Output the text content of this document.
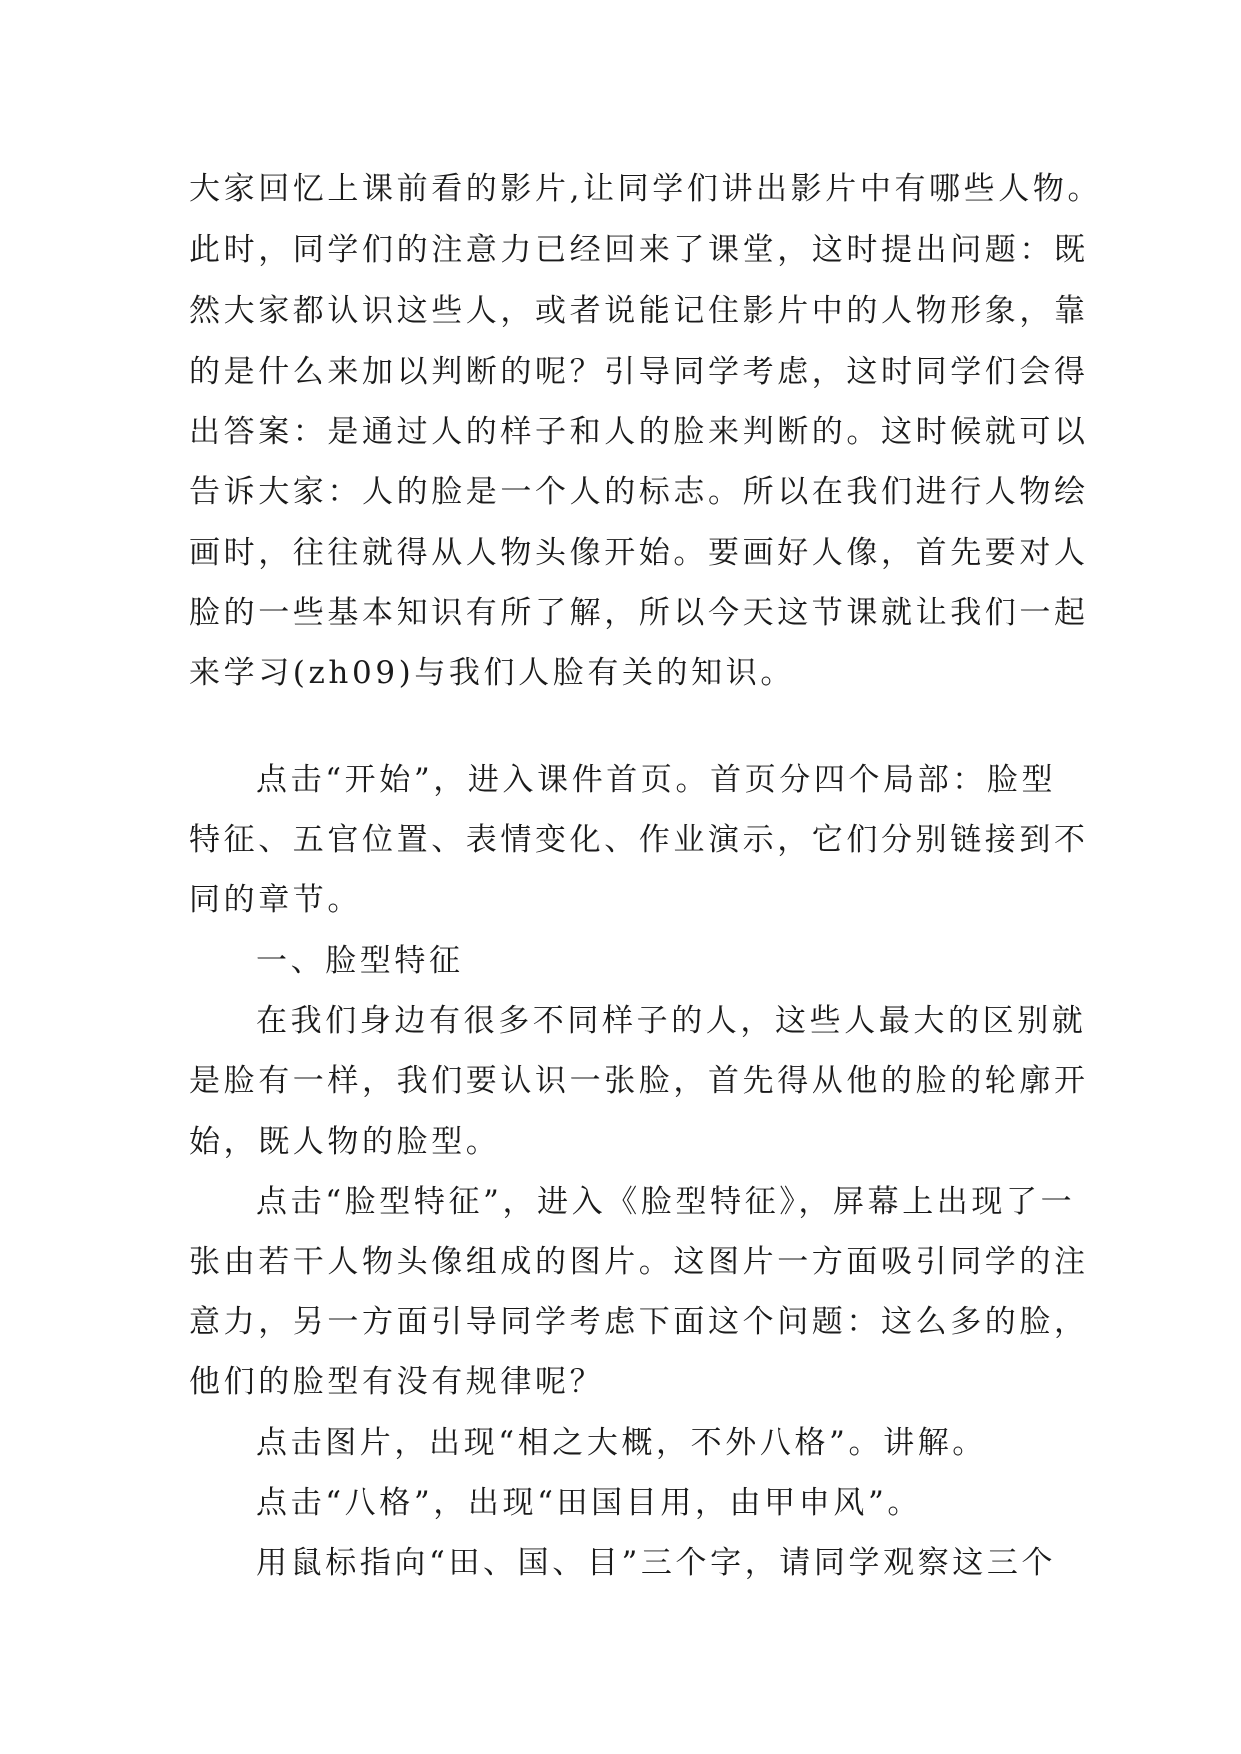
大家回忆上课前看的影片,让同学们讲出影片中有哪些人物。
此时，同学们的注意力已经回来了课堂，这时提出问题：既
然大家都认识这些人，或者说能记住影片中的人物形象，靠
的是什么来加以判断的呢？引导同学考虑，这时同学们会得
出答案：是通过人的样子和人的脸来判断的。这时候就可以
告诉大家：人的脸是一个人的标志。所以在我们进行人物绘
画时，往往就得从人物头像开始。要画好人像，首先要对人
脸的一些基本知识有所了解，所以今天这节课就让我们一起
来学习(zh09)与我们人脸有关的知识。
点击“开始”，进入课件首页。首页分四个局部：脸型
特征、五官位置、表情变化、作业演示，它们分别链接到不
同的章节。
一、脸型特征
在我们身边有很多不同样子的人，这些人最大的区别就
是脸有一样，我们要认识一张脸，首先得从他的脸的轮廓开
始，既人物的脸型。
点击“脸型特征”，进入《脸型特征》，屏幕上出现了一
张由若干人物头像组成的图片。这图片一方面吸引同学的注
意力，另一方面引导同学考虑下面这个问题：这么多的脸，
他们的脸型有没有规律呢？
点击图片，出现“相之大概，不外八格”。讲解。
点击“八格”，出现“田国目用，由甲申风”。
用鼠标指向“田、国、目”三个字，请同学观察这三个
